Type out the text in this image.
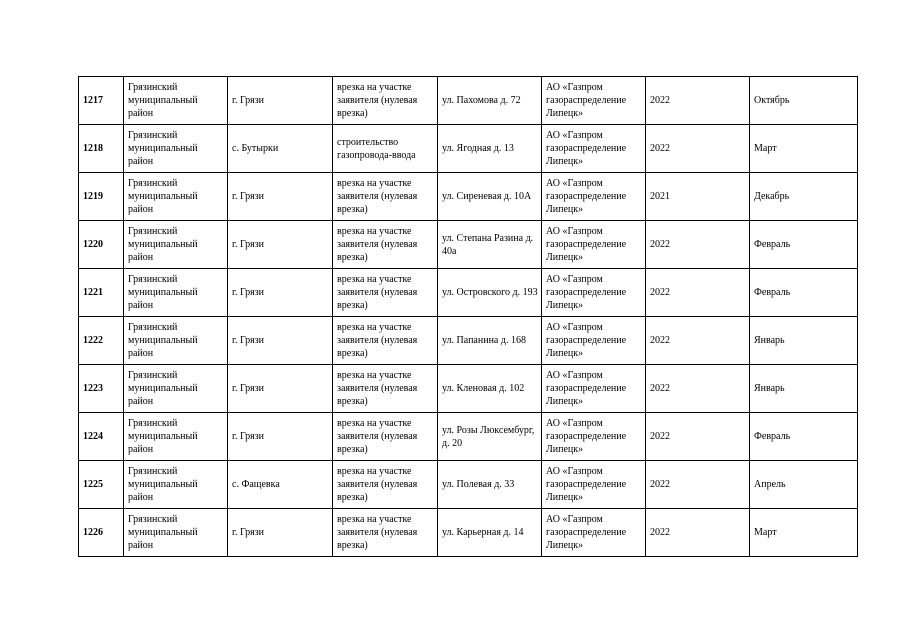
1217	Грязинский муниципальный район	г. Грязи	врезка на участке заявителя (нулевая врезка)	ул. Пахомова д. 72	АО «Газпром газораспределение Липецк»	2022	Октябрь

1218	Грязинский муниципальный район	с. Бутырки	строительство газопровода-ввода	ул. Ягодная д. 13	АО «Газпром газораспределение Липецк»	2022	Март

1219	Грязинский муниципальный район	г. Грязи	врезка на участке заявителя (нулевая врезка)	ул. Сиреневая д. 10А	АО «Газпром газораспределение Липецк»	2021	Декабрь

1220	Грязинский муниципальный район	г. Грязи	врезка на участке заявителя (нулевая врезка)	ул. Степана Разина д. 40а	АО «Газпром газораспределение Липецк»	2022	Февраль

1221	Грязинский муниципальный район	г. Грязи	врезка на участке заявителя (нулевая врезка)	ул. Островского д. 193	АО «Газпром газораспределение Липецк»	2022	Февраль

1222	Грязинский муниципальный район	г. Грязи	врезка на участке заявителя (нулевая врезка)	ул. Папанина д. 168	АО «Газпром газораспределение Липецк»	2022	Январь

1223	Грязинский муниципальный район	г. Грязи	врезка на участке заявителя (нулевая врезка)	ул. Кленовая д. 102	АО «Газпром газораспределение Липецк»	2022	Январь

1224	Грязинский муниципальный район	г. Грязи	врезка на участке заявителя (нулевая врезка)	ул. Розы Люксембург, д. 20	АО «Газпром газораспределение Липецк»	2022	Февраль

1225	Грязинский муниципальный район	с. Фащевка	врезка на участке заявителя (нулевая врезка)	ул. Полевая д. 33	АО «Газпром газораспределение Липецк»	2022	Апрель

1226	Грязинский муниципальный район	г. Грязи	врезка на участке заявителя (нулевая врезка)	ул. Карьерная д. 14	АО «Газпром газораспределение Липецк»	2022	Март
